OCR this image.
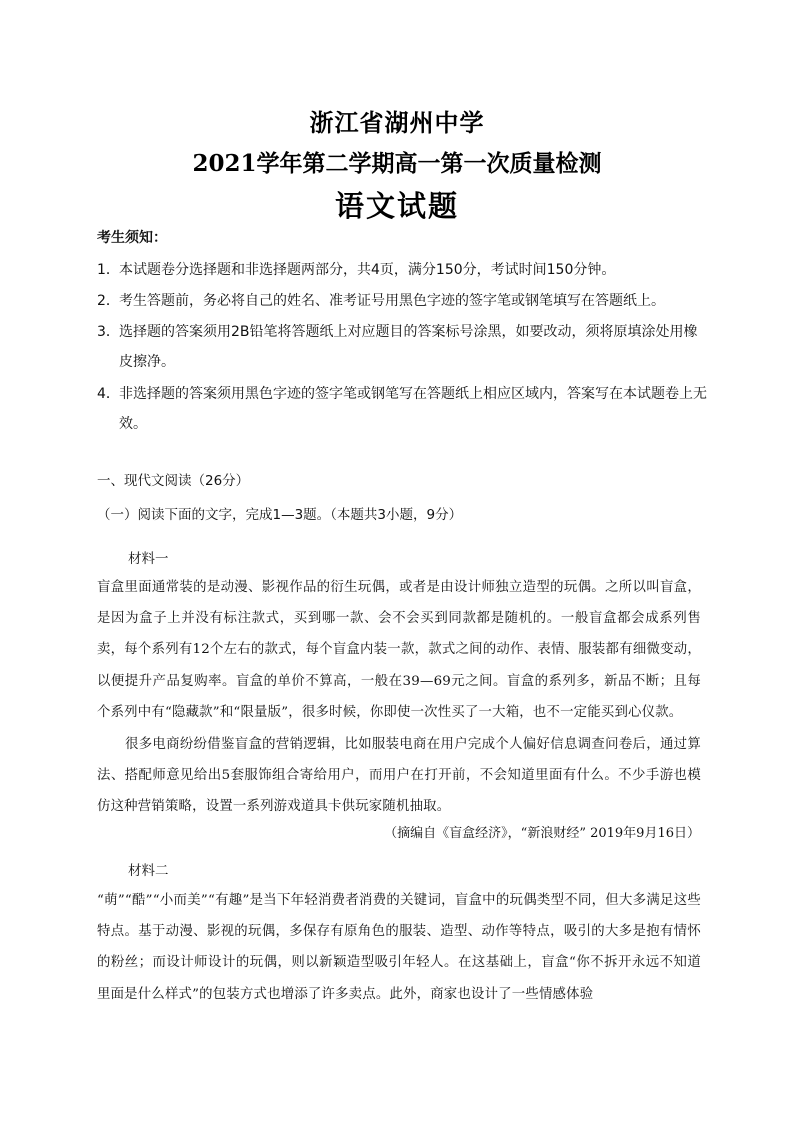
浙江省湖州中学
2021学年第二学期高一第一次质量检测
语文试题
考生须知：
1．本试题卷分选择题和非选择题两部分，共4页，满分150分，考试时间150分钟。
2．考生答题前，务必将自己的姓名、准考证号用黑色字迹的签字笔或钢笔填写在答题纸上。
3．选择题的答案须用2B铅笔将答题纸上对应题目的答案标号涂黑，如要改动，须将原填涂处用橡皮擦净。
4．非选择题的答案须用黑色字迹的签字笔或钢笔写在答题纸上相应区域内，答案写在本试题卷上无效。
一、现代文阅读（26分）
（一）阅读下面的文字，完成1—3题。（本题共3小题，9分）
材料一
盲盒里面通常装的是动漫、影视作品的衍生玩偶，或者是由设计师独立造型的玩偶。之所以叫盲盒，是因为盒子上并没有标注款式，买到哪一款、会不会买到同款都是随机的。一般盲盒都会成系列售卖，每个系列有12个左右的款式，每个盲盒内装一款，款式之间的动作、表情、服装都有细微变动，以便提升产品复购率。盲盒的单价不算高，一般在39—69元之间。盲盒的系列多，新品不断；且每个系列中有“隐藏款”和“限量版”，很多时候，你即使一次性买了一大箱，也不一定能买到心仪款。
很多电商纷纷借鉴盲盒的营销逻辑，比如服装电商在用户完成个人偏好信息调查问卷后，通过算法、搭配师意见给出5套服饰组合寄给用户，而用户在打开前，不会知道里面有什么。不少手游也模仿这种营销策略，设置一系列游戏道具卡供玩家随机抽取。
（摘编自《盲盒经济》，“新浪财经” 2019年9月16日）
材料二
“萌”“酷”“小而美”“有趣”是当下年轻消费者消费的关键词，盲盒中的玩偶类型不同，但大多满足这些特点。基于动漫、影视的玩偶，多保存有原角色的服装、造型、动作等特点，吸引的大多是抱有情怀的粉丝；而设计师设计的玩偶，则以新颖造型吸引年轻人。在这基础上，盲盒“你不拆开永远不知道里面是什么样式”的包装方式也增添了许多卖点。此外，商家也设计了一些情感体验
